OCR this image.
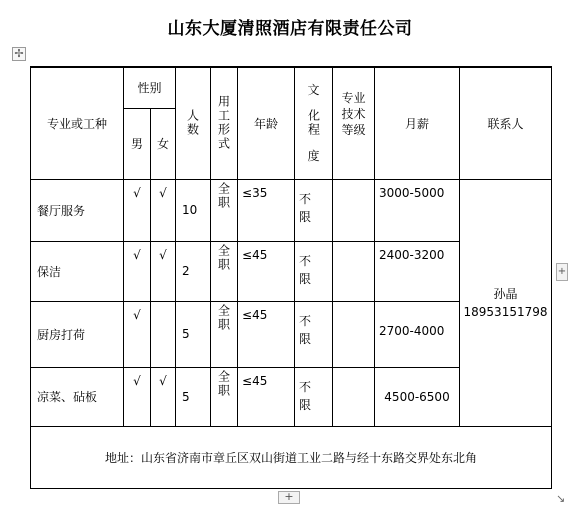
山东大厦清照酒店有限责任公司
✢
专业或工种	性别		人数	用工形式	年龄	文
化程
度	专业技术等级	月薪	联系人
	男	女							
餐厅服务	√	√	10	全职	≤35	不限		3000-5000	孙晶
18953151798

保洁	√	√	2	全职	≤45	不限		2400-3200	
厨房打荷	√		5	全职	≤45	不限		2700-4000	
凉菜、砧板	√	√	5	全职	≤45	不限		4500-6500	
地址：山东省济南市章丘区双山街道工业二路与经十东路交界处东北角									
+
+
↘
